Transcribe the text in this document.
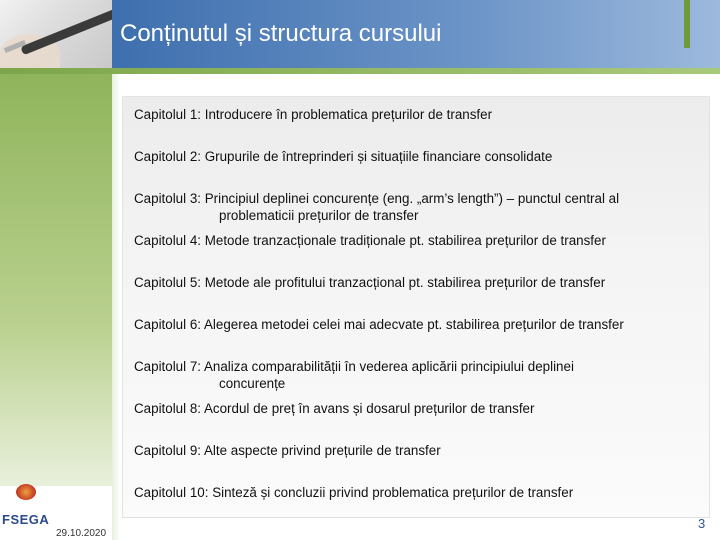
Conținutul și structura cursului
Capitolul 1: Introducere în problematica prețurilor de transfer
Capitolul 2: Grupurile de întreprinderi și situațiile financiare consolidate
Capitolul 3: Principiul deplinei concurențe (eng. „arm’s length”) – punctul central al
problematicii prețurilor de transfer
Capitolul 4: Metode tranzacționale tradiționale pt. stabilirea prețurilor de transfer
Capitolul 5: Metode ale profitului tranzacțional pt. stabilirea prețurilor de transfer
Capitolul 6: Alegerea metodei celei mai adecvate pt. stabilirea prețurilor de transfer
Capitolul 7: Analiza comparabilității în vederea aplicării principiului deplinei
concurențe
Capitolul 8: Acordul de preț în avans și dosarul prețurilor de transfer
Capitolul 9: Alte aspecte privind prețurile de transfer
Capitolul 10: Sinteză și concluzii privind problematica prețurilor de transfer
FSEGA
29.10.2020
3
